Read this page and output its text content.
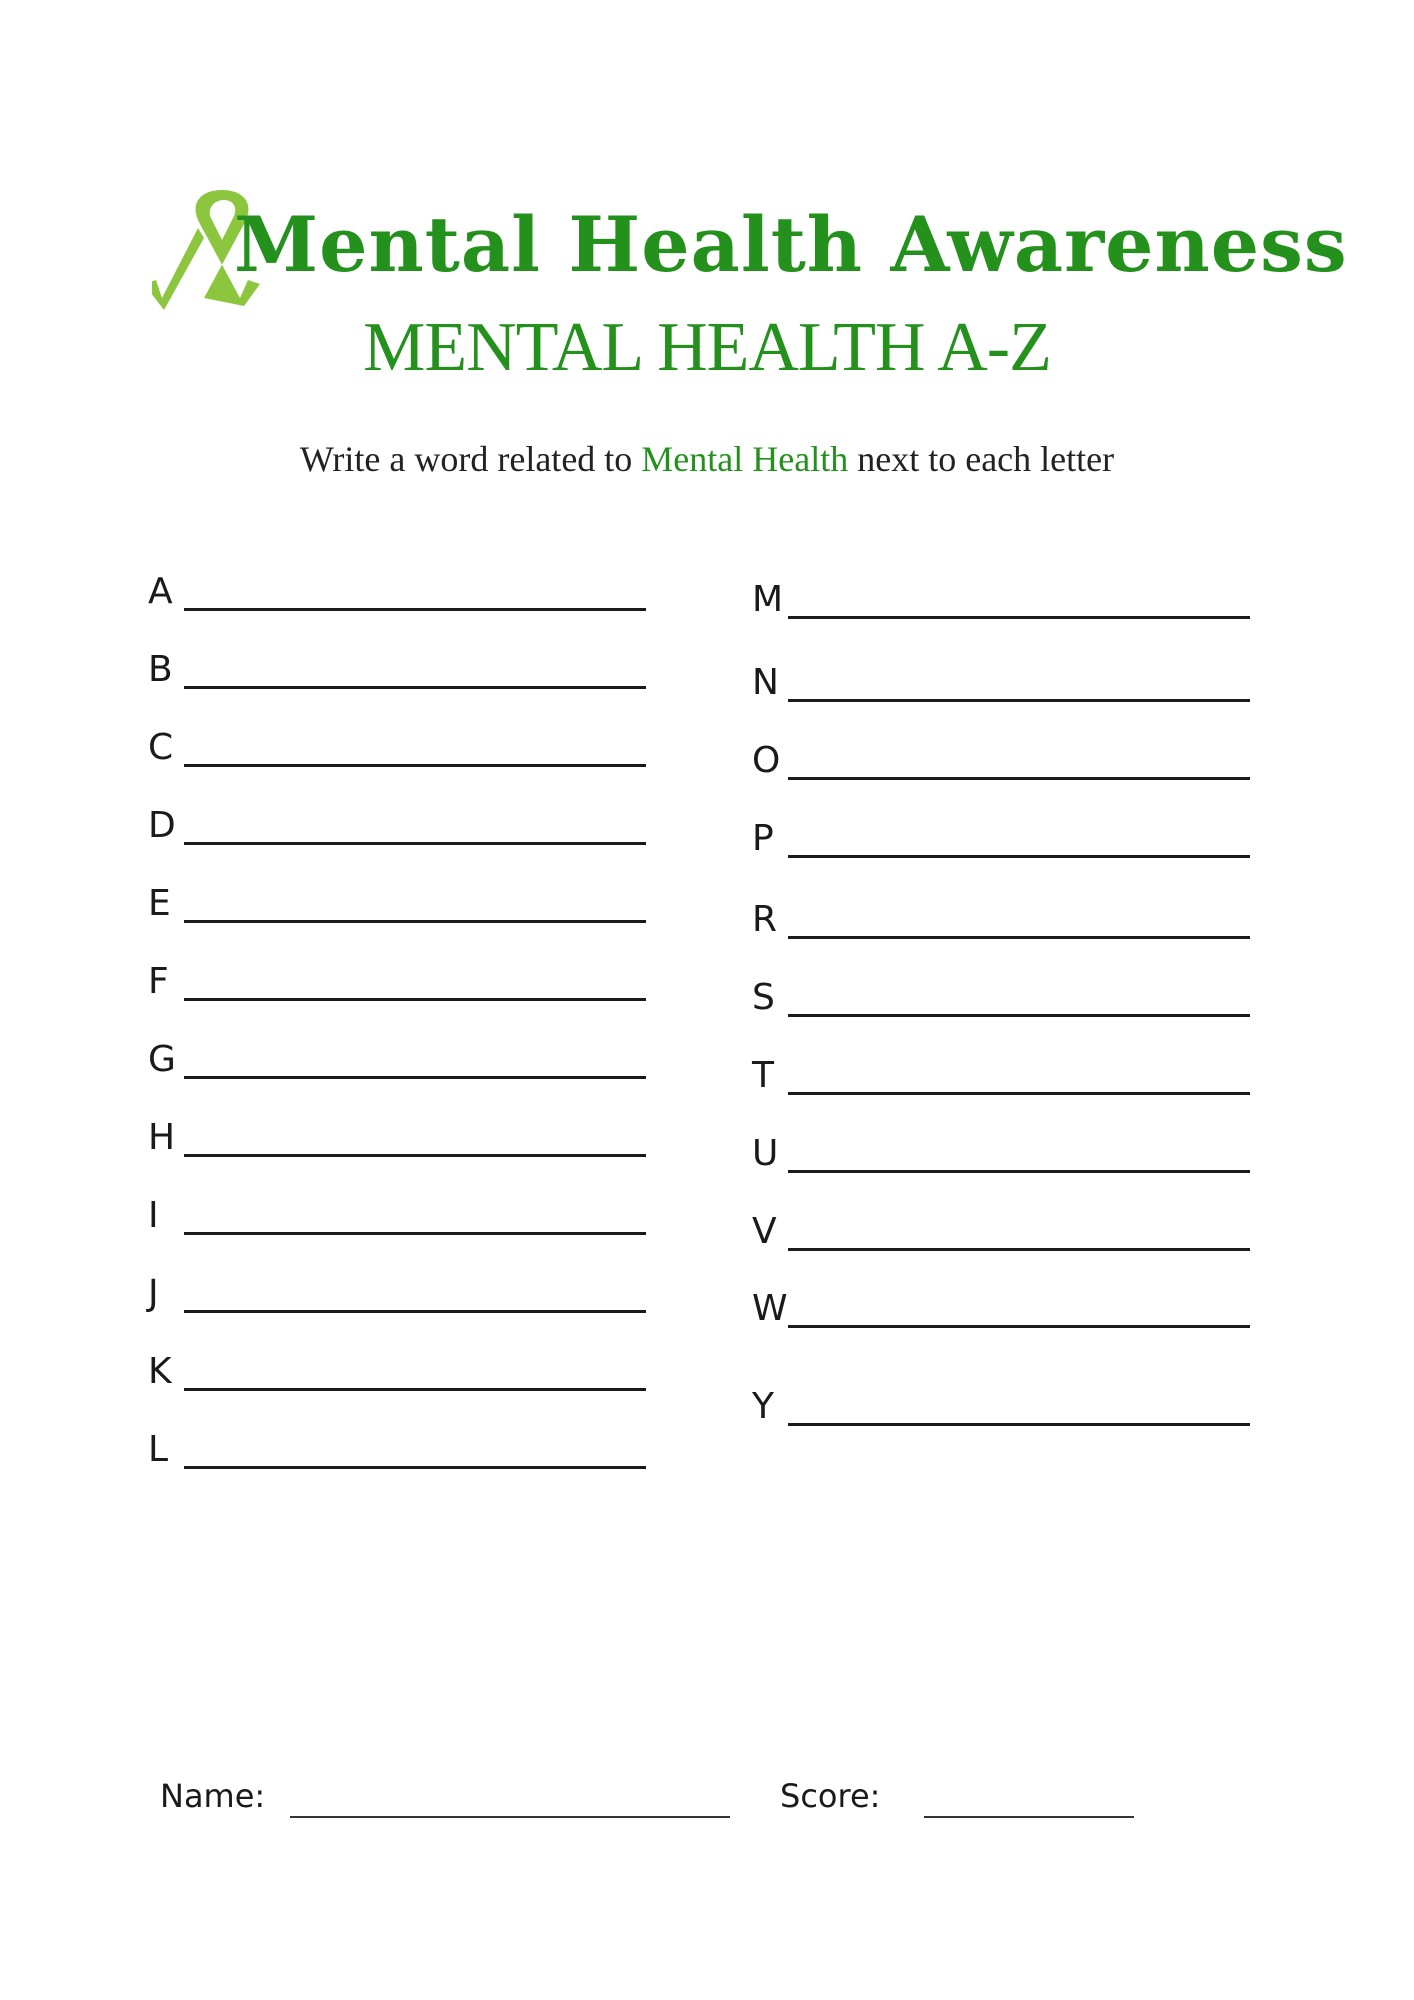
Mental Health Awareness
MENTAL HEALTH A-Z
Write a word related to Mental Health next to each letter
A
B
C
D
E
F
G
H
I
J
K
L
M
N
O
P
R
S
T
U
V
W
Y
Name:	Score:
